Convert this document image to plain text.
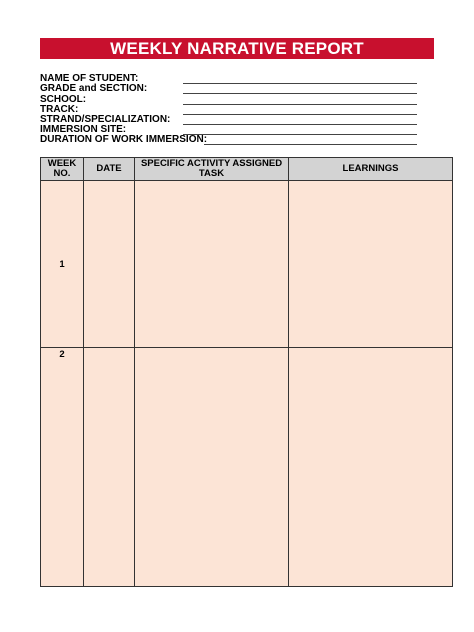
WEEKLY NARRATIVE REPORT
NAME OF STUDENT:
GRADE and SECTION:
SCHOOL:
TRACK:
STRAND/SPECIALIZATION:
IMMERSION SITE:
DURATION OF WORK IMMERSION:
WEEK NO.	DATE	SPECIFIC ACTIVITY ASSIGNED TASK	LEARNINGS
1			
2			
